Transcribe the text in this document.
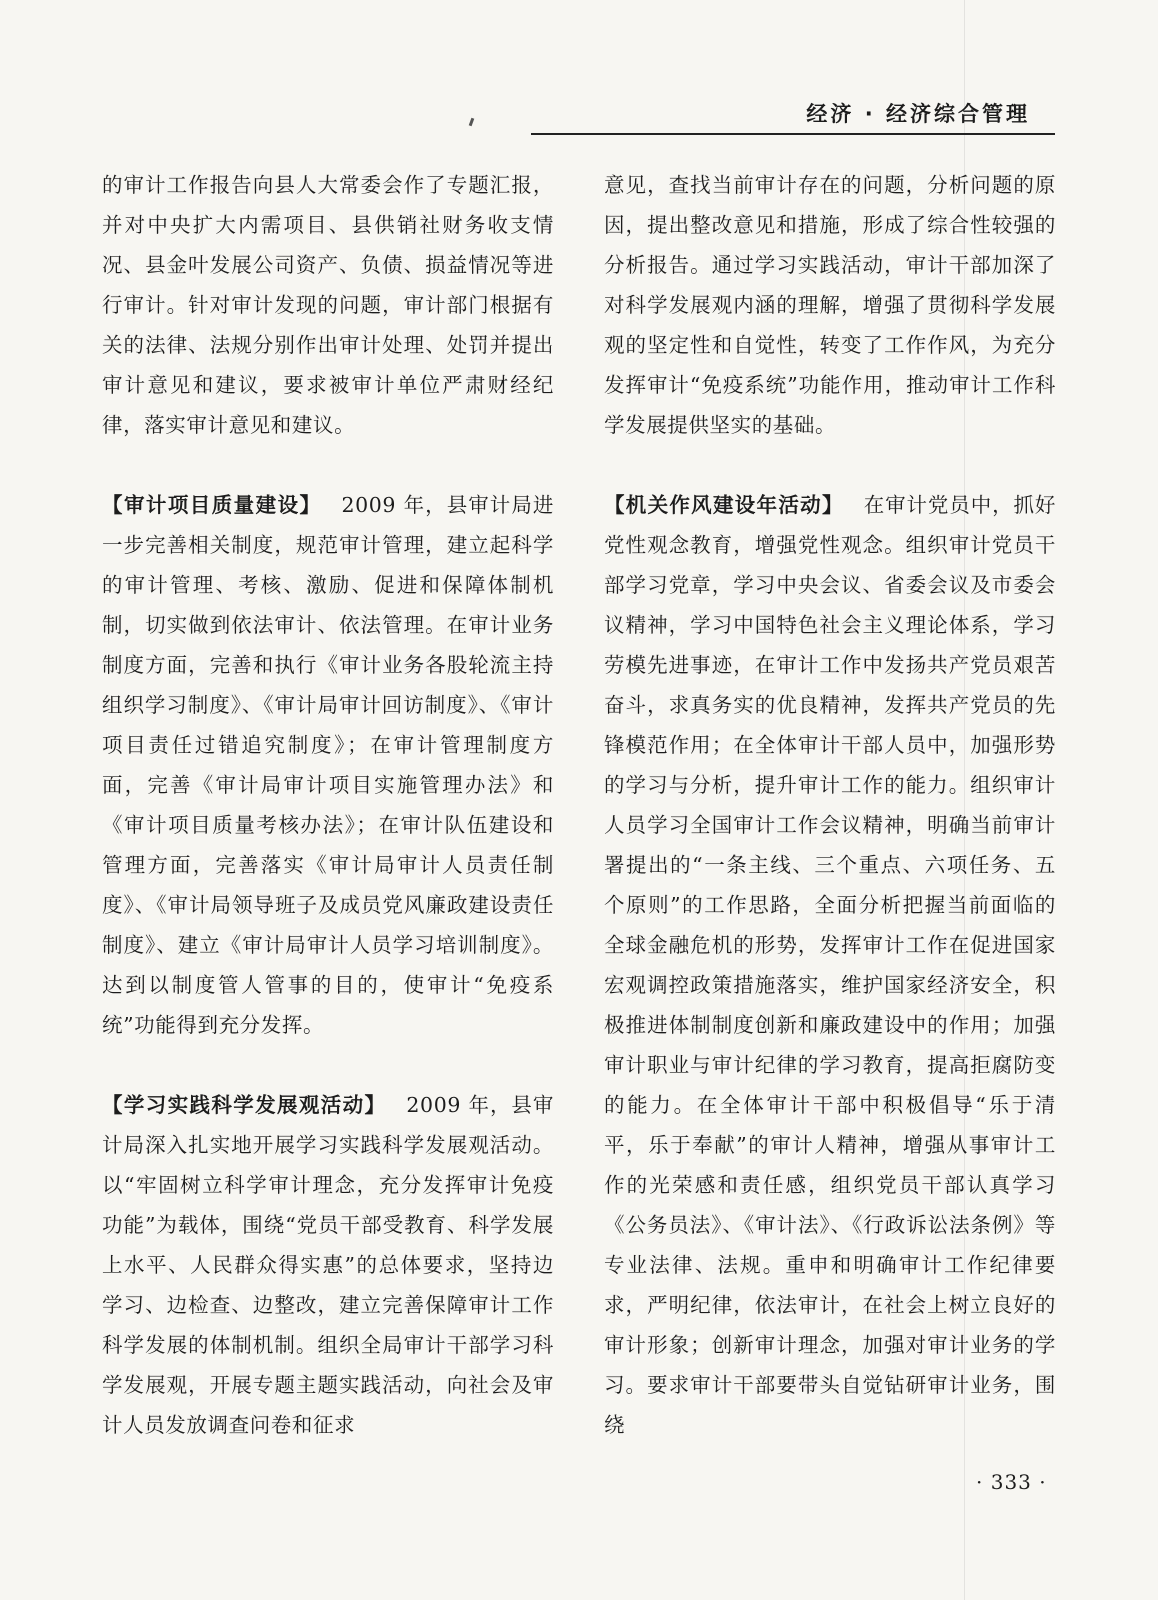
经济 · 经济综合管理

的审计工作报告向县人大常委会作了专题汇报，并对中央扩大内需项目、县供销社财务收支情况、县金叶发展公司资产、负债、损益情况等进行审计。针对审计发现的问题，审计部门根据有关的法律、法规分别作出审计处理、处罚并提出审计意见和建议，要求被审计单位严肃财经纪律，落实审计意见和建议。

【审计项目质量建设】 2009 年，县审计局进一步完善相关制度，规范审计管理，建立起科学的审计管理、考核、激励、促进和保障体制机制，切实做到依法审计、依法管理。在审计业务制度方面，完善和执行《审计业务各股轮流主持组织学习制度》、《审计局审计回访制度》、《审计项目责任过错追究制度》；在审计管理制度方面，完善《审计局审计项目实施管理办法》和《审计项目质量考核办法》；在审计队伍建设和管理方面，完善落实《审计局审计人员责任制度》、《审计局领导班子及成员党风廉政建设责任制度》、建立《审计局审计人员学习培训制度》。达到以制度管人管事的目的，使审计“免疫系统”功能得到充分发挥。

【学习实践科学发展观活动】 2009 年，县审计局深入扎实地开展学习实践科学发展观活动。以“牢固树立科学审计理念，充分发挥审计免疫功能”为载体，围绕“党员干部受教育、科学发展上水平、人民群众得实惠”的总体要求，坚持边学习、边检查、边整改，建立完善保障审计工作科学发展的体制机制。组织全局审计干部学习科学发展观，开展专题主题实践活动，向社会及审计人员发放调查问卷和征求

意见，查找当前审计存在的问题，分析问题的原因，提出整改意见和措施，形成了综合性较强的分析报告。通过学习实践活动，审计干部加深了对科学发展观内涵的理解，增强了贯彻科学发展观的坚定性和自觉性，转变了工作作风，为充分发挥审计“免疫系统”功能作用，推动审计工作科学发展提供坚实的基础。

【机关作风建设年活动】 在审计党员中，抓好党性观念教育，增强党性观念。组织审计党员干部学习党章，学习中央会议、省委会议及市委会议精神，学习中国特色社会主义理论体系，学习劳模先进事迹，在审计工作中发扬共产党员艰苦奋斗，求真务实的优良精神，发挥共产党员的先锋模范作用；在全体审计干部人员中，加强形势的学习与分析，提升审计工作的能力。组织审计人员学习全国审计工作会议精神，明确当前审计署提出的“一条主线、三个重点、六项任务、五个原则”的工作思路，全面分析把握当前面临的全球金融危机的形势，发挥审计工作在促进国家宏观调控政策措施落实，维护国家经济安全，积极推进体制制度创新和廉政建设中的作用；加强审计职业与审计纪律的学习教育，提高拒腐防变的能力。在全体审计干部中积极倡导“乐于清平，乐于奉献”的审计人精神，增强从事审计工作的光荣感和责任感，组织党员干部认真学习《公务员法》、《审计法》、《行政诉讼法条例》等专业法律、法规。重申和明确审计工作纪律要求，严明纪律，依法审计，在社会上树立良好的审计形象；创新审计理念，加强对审计业务的学习。要求审计干部要带头自觉钻研审计业务，围绕

· 333 ·
